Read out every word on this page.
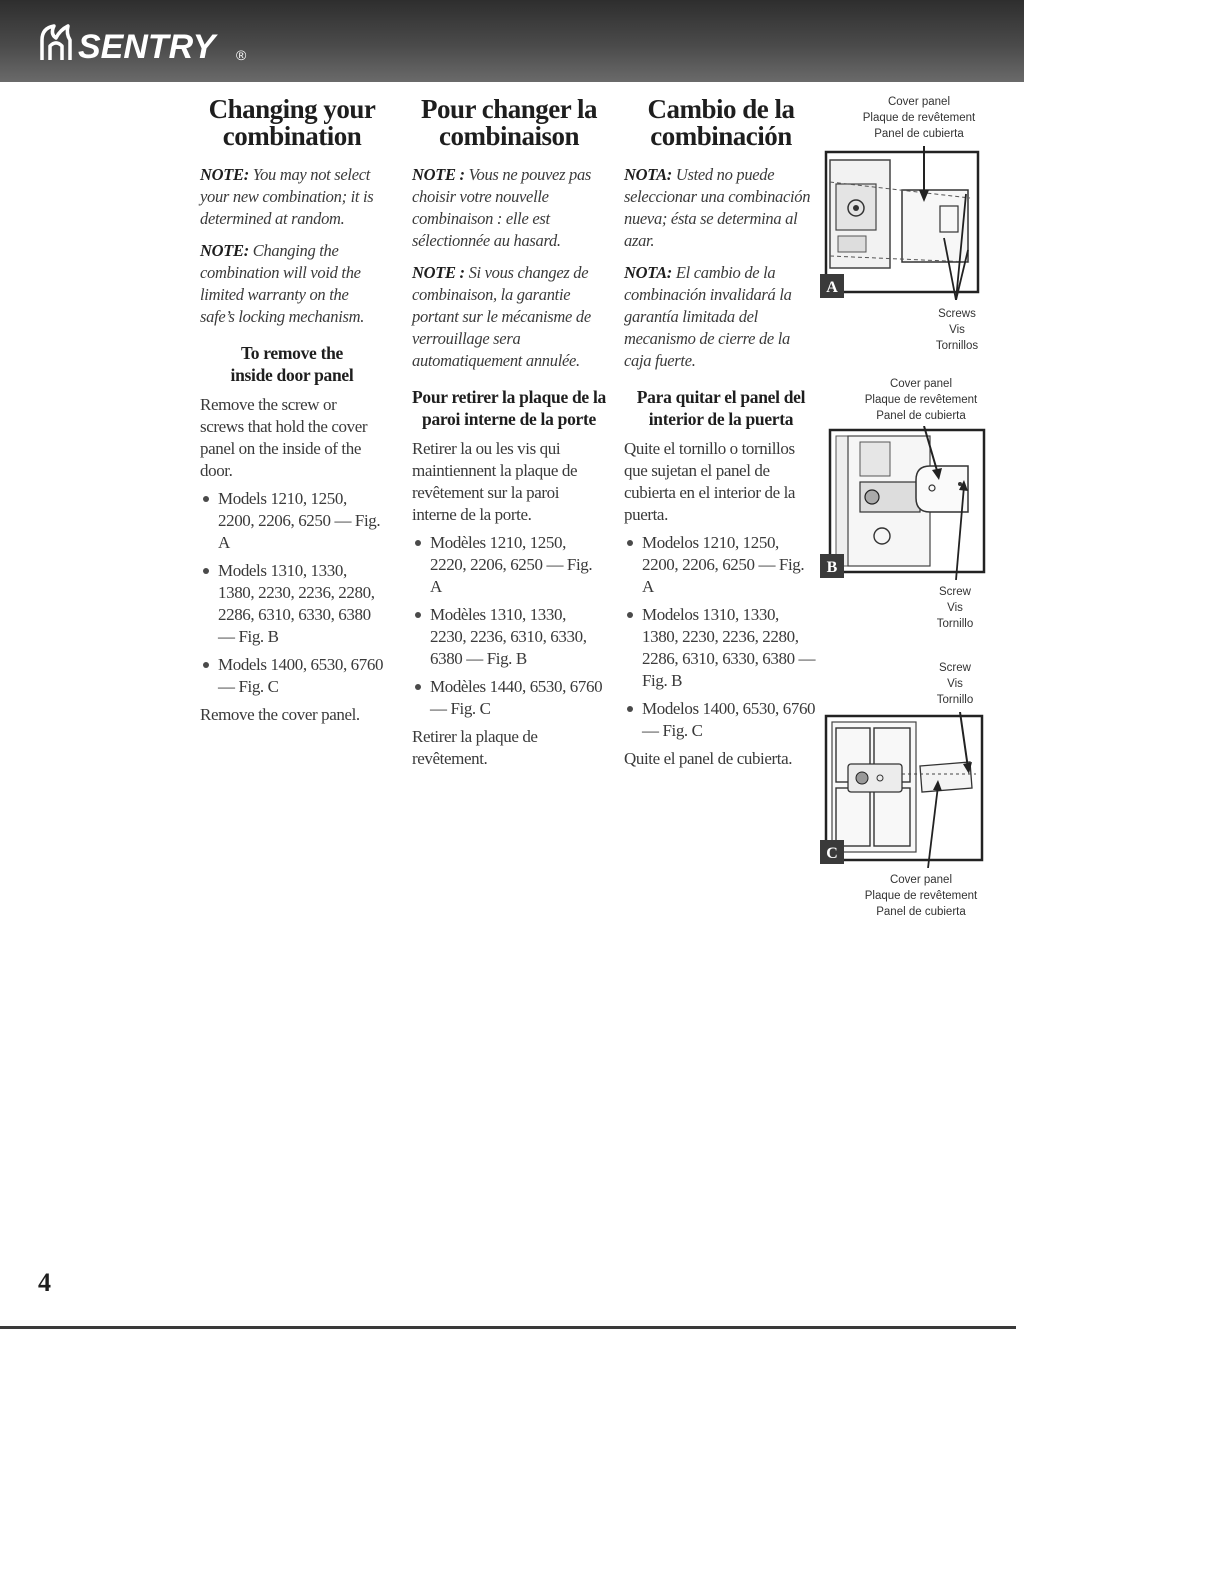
SENTRY ®
Changing your
combination

NOTE: You may not select your new combination; it is determined at random.

NOTE: Changing the combination will void the limited warranty on the safe’s locking mechanism.

To remove the
inside door panel

Remove the screw or screws that hold the cover panel on the inside of the door.

Models 1210, 1250, 2200, 2206, 6250 — Fig. A
Models 1310, 1330, 1380, 2230, 2236, 2280, 2286, 6310, 6330, 6380 — Fig. B
Models 1400, 6530, 6760 — Fig. C

Remove the cover panel.

Pour changer la
combinaison

NOTE : Vous ne pouvez pas choisir votre nouvelle combinaison : elle est sélectionnée au hasard.

NOTE : Si vous changez de combinaison, la garantie portant sur le mécanisme de verrouillage sera automatiquement annulée.

Pour retirer la plaque de la paroi interne de la porte

Retirer la ou les vis qui maintiennent la plaque de revêtement sur la paroi interne de la porte.

Modèles 1210, 1250, 2220, 2206, 6250 — Fig. A
Modèles 1310, 1330, 2230, 2236, 6310, 6330, 6380 — Fig. B
Modèles 1440, 6530, 6760 — Fig. C

Retirer la plaque de revêtement.

Cambio de la
combinación

NOTA: Usted no puede seleccionar una combinación nueva; ésta se determina al azar.

NOTA: El cambio de la combinación invalidará la garantía limitada del mecanismo de cierre de la caja fuerte.

Para quitar el panel del interior de la puerta

Quite el tornillo o tornillos que sujetan el panel de cubierta en el interior de la puerta.

Modelos 1210, 1250, 2200, 2206, 6250 — Fig. A
Modelos 1310, 1330, 1380, 2230, 2236, 2280, 2286, 6310, 6330, 6380 — Fig. B
Modelos 1400, 6530, 6760 — Fig. C

Quite el panel de cubierta.

Cover panel
Plaque de revêtement
Panel de cubierta
A
Screws
Vis
Tornillos
Cover panel
Plaque de revêtement
Panel de cubierta
B
Screw
Vis
Tornillo
Screw
Vis
Tornillo
C
Cover panel
Plaque de revêtement
Panel de cubierta
4
